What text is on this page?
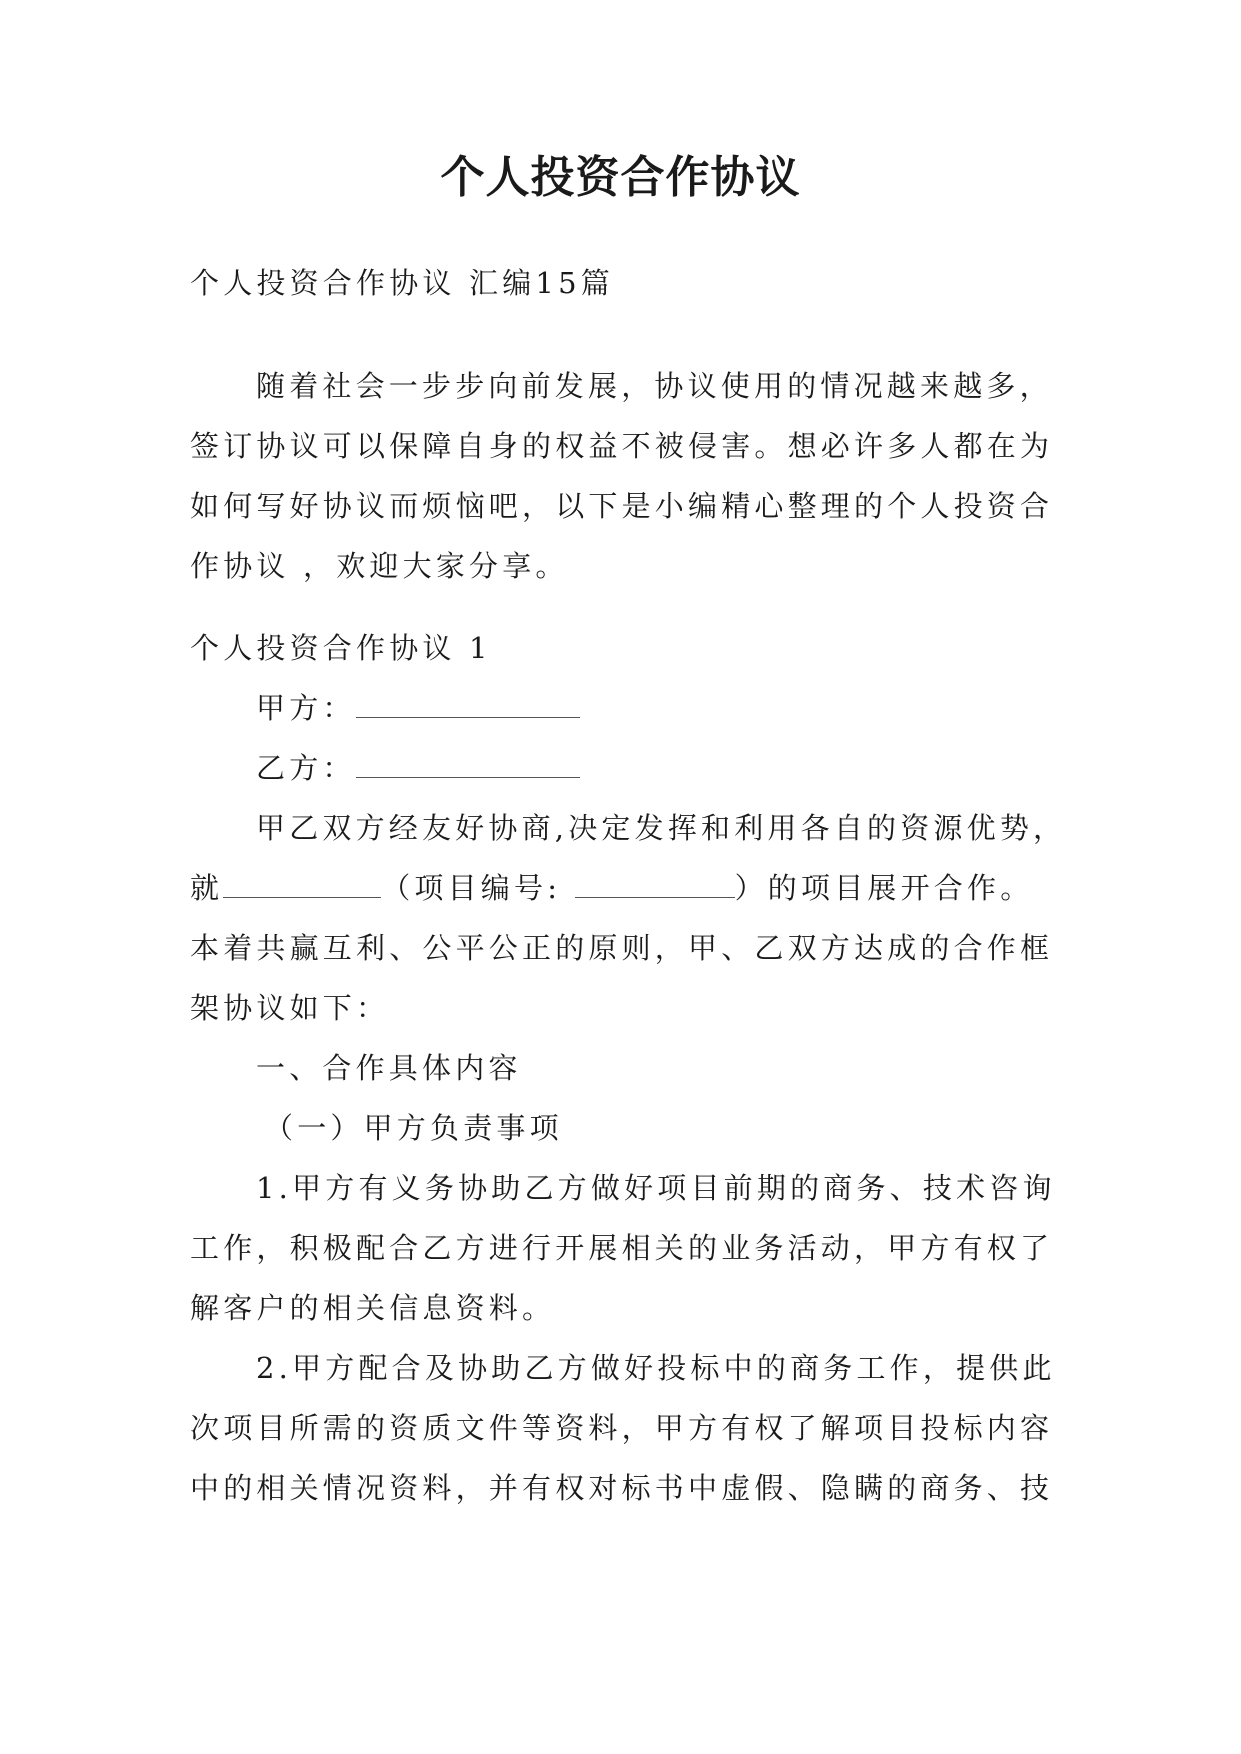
个人投资合作协议
个人投资合作协议 汇编15篇
随着社会一步步向前发展，协议使用的情况越来越多，
签订协议可以保障自身的权益不被侵害。想必许多人都在为
如何写好协议而烦恼吧，以下是小编精心整理的个人投资合
作协议 ，欢迎大家分享。
个人投资合作协议 1
甲方：
乙方：
甲乙双方经友好协商,决定发挥和利用各自的资源优势，
就	（项目编号:	）的项目展开合作。
本着共赢互利、公平公正的原则，甲、乙双方达成的合作框
架协议如下：
一、合作具体内容
（一）甲方负责事项
1.甲方有义务协助乙方做好项目前期的商务、技术咨询
工作，积极配合乙方进行开展相关的业务活动，甲方有权了
解客户的相关信息资料。
2.甲方配合及协助乙方做好投标中的商务工作，提供此
次项目所需的资质文件等资料，甲方有权了解项目投标内容
中的相关情况资料，并有权对标书中虚假、隐瞒的商务、技
